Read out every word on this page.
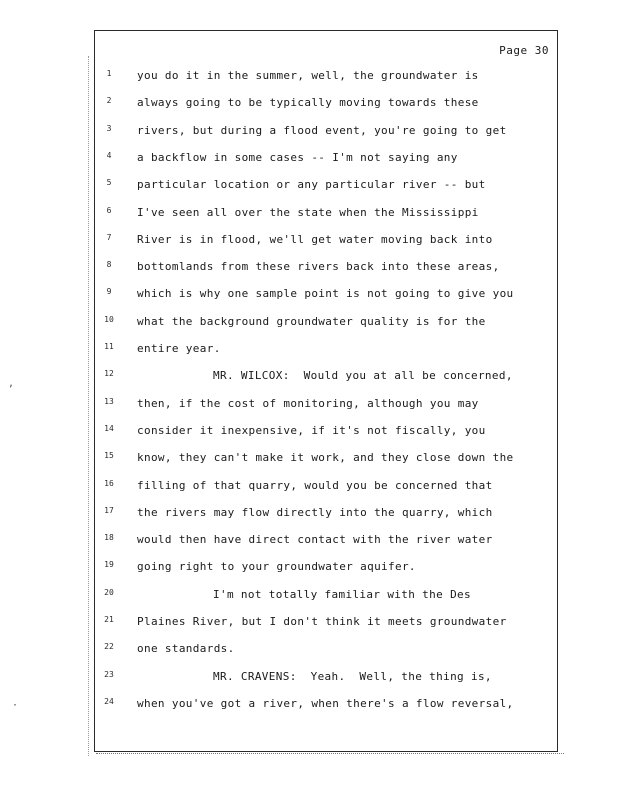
,
·
Page 30
1	you do it in the summer, well, the groundwater is
2	always going to be typically moving towards these
3	rivers, but during a flood event, you're going to get
4	a backflow in some cases -- I'm not saying any
5	particular location or any particular river -- but
6	I've seen all over the state when the Mississippi
7	River is in flood, we'll get water moving back into
8	bottomlands from these rivers back into these areas,
9	which is why one sample point is not going to give you
10	what the background groundwater quality is for the
11	entire year.
12	MR. WILCOX:  Would you at all be concerned,
13	then, if the cost of monitoring, although you may
14	consider it inexpensive, if it's not fiscally, you
15	know, they can't make it work, and they close down the
16	filling of that quarry, would you be concerned that
17	the rivers may flow directly into the quarry, which
18	would then have direct contact with the river water
19	going right to your groundwater aquifer.
20	I'm not totally familiar with the Des
21	Plaines River, but I don't think it meets groundwater
22	one standards.
23	MR. CRAVENS:  Yeah.  Well, the thing is,
24	when you've got a river, when there's a flow reversal,
